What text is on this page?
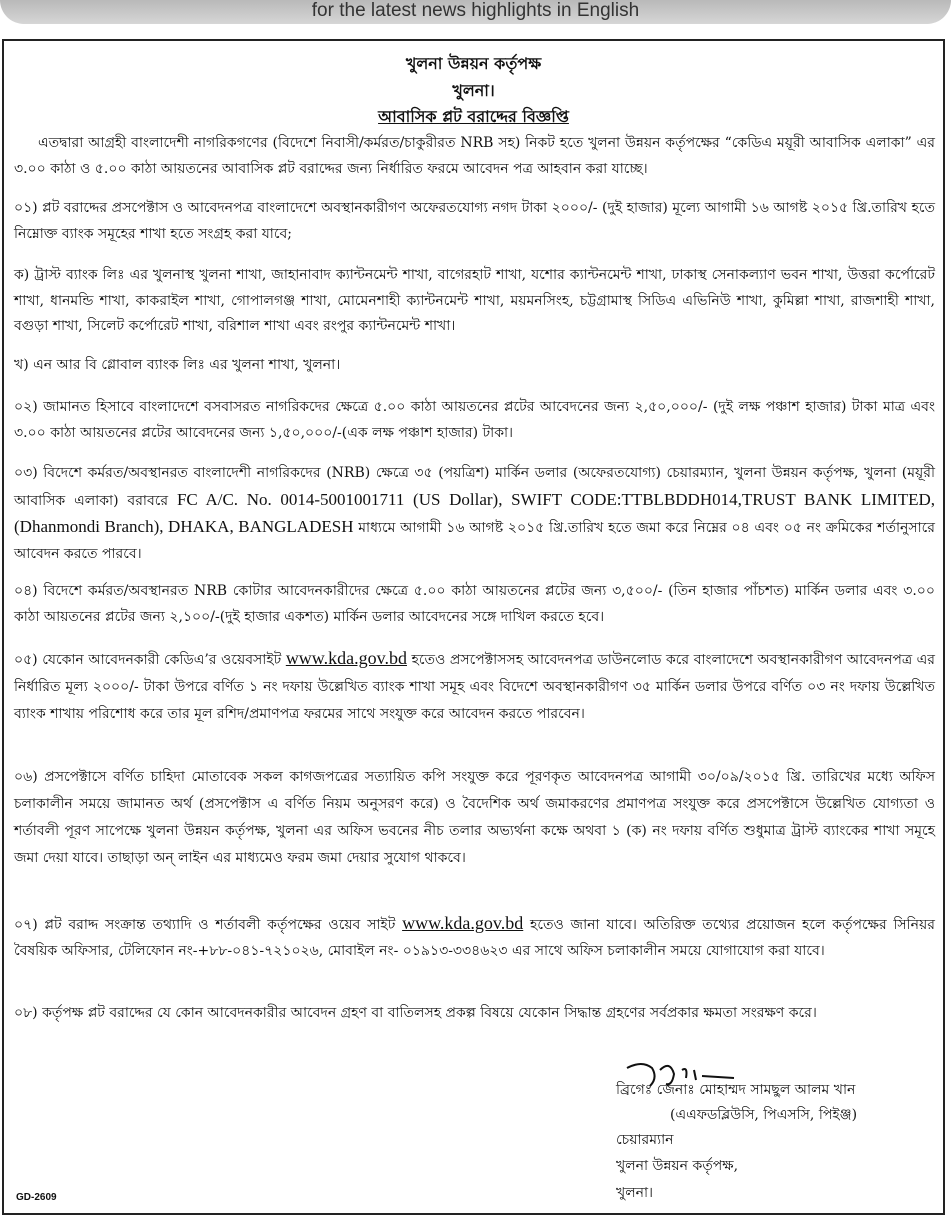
for the latest news highlights in English
খুলনা উন্নয়ন কর্তৃপক্ষ
খুলনা।
আবাসিক প্লট বরাদ্দের বিজ্ঞপ্তি

এতদ্বারা আগ্রহী বাংলাদেশী নাগরিকগণের (বিদেশে নিবাসী/কর্মরত/চাকুরীরত NRB সহ) নিকট হতে খুলনা উন্নয়ন কর্তৃপক্ষের “কেডিএ ময়ূরী আবাসিক এলাকা” এর ৩.০০ কাঠা ও ৫.০০ কাঠা আয়তনের আবাসিক প্লট বরাদ্দের জন্য নির্ধারিত ফরমে আবেদন পত্র আহবান করা যাচ্ছে।

০১) প্লট বরাদ্দের প্রসপেক্টাস ও আবেদনপত্র বাংলাদেশে অবস্থানকারীগণ অফেরতযোগ্য নগদ টাকা ২০০০/- (দুই হাজার) মূল্যে আগামী ১৬ আগষ্ট ২০১৫ খ্রি.তারিখ হতে নিম্নোক্ত ব্যাংক সমূহের শাখা হতে সংগ্রহ করা যাবে;

ক) ট্রাস্ট ব্যাংক লিঃ এর খুলনাস্থ খুলনা শাখা, জাহানাবাদ ক্যান্টনমেন্ট শাখা, বাগেরহাট শাখা, যশোর ক্যান্টনমেন্ট শাখা, ঢাকাস্থ সেনাকল্যাণ ভবন শাখা, উত্তরা কর্পোরেট শাখা, ধানমন্ডি শাখা, কাকরাইল শাখা, গোপালগঞ্জ শাখা, মোমেনশাহী ক্যান্টনমেন্ট শাখা, ময়মনসিংহ, চট্টগ্রামাস্থ সিডিএ এভিনিউ শাখা, কুমিল্লা শাখা, রাজশাহী শাখা, বগুড়া শাখা, সিলেট কর্পোরেট শাখা, বরিশাল শাখা এবং রংপুর ক্যান্টনমেন্ট শাখা।

খ) এন আর বি গ্লোবাল ব্যাংক লিঃ এর খুলনা শাখা, খুলনা।

০২) জামানত হিসাবে বাংলাদেশে বসবাসরত নাগরিকদের ক্ষেত্রে ৫.০০ কাঠা আয়তনের প্লটের আবেদনের জন্য ২,৫০,০০০/- (দুই লক্ষ পঞ্চাশ হাজার) টাকা মাত্র এবং ৩.০০ কাঠা আয়তনের প্লটের আবেদনের জন্য ১,৫০,০০০/-(এক লক্ষ পঞ্চাশ হাজার) টাকা।

০৩) বিদেশে কর্মরত/অবস্থানরত বাংলাদেশী নাগরিকদের (NRB) ক্ষেত্রে ৩৫ (পয়ত্রিশ) মার্কিন ডলার (অফেরতযোগ্য) চেয়ারম্যান, খুলনা উন্নয়ন কর্তৃপক্ষ, খুলনা (ময়ূরী আবাসিক এলাকা) বরাবরে FC A/C. No. 0014-5001001711 (US Dollar), SWIFT CODE:TTBLBDDH014,TRUST BANK LIMITED, (Dhanmondi Branch), DHAKA, BANGLADESH মাধ্যমে আগামী ১৬ আগষ্ট ২০১৫ খ্রি.তারিখ হতে জমা করে নিম্নের ০৪ এবং ০৫ নং ক্রমিকের শর্তানুসারে আবেদন করতে পারবে।

০৪) বিদেশে কর্মরত/অবস্থানরত NRB কোটার আবেদনকারীদের ক্ষেত্রে ৫.০০ কাঠা আয়তনের প্লটের জন্য ৩,৫০০/- (তিন হাজার পাঁচশত) মার্কিন ডলার এবং ৩.০০ কাঠা আয়তনের প্লটের জন্য ২,১০০/-(দুই হাজার একশত) মার্কিন ডলার আবেদনের সঙ্গে দাখিল করতে হবে।

০৫) যেকোন আবেদনকারী কেডিএ’র ওয়েবসাইট www.kda.gov.bd হতেও প্রসপেক্টাসসহ আবেদনপত্র ডাউনলোড করে বাংলাদেশে অবস্থানকারীগণ আবেদনপত্র এর নির্ধারিত মূল্য ২০০০/- টাকা উপরে বর্ণিত ১ নং দফায় উল্লেখিত ব্যাংক শাখা সমূহ এবং বিদেশে অবস্থানকারীগণ ৩৫ মার্কিন ডলার উপরে বর্ণিত ০৩ নং দফায় উল্লেখিত ব্যাংক শাখায় পরিশোধ করে তার মূল রশিদ/প্রমাণপত্র ফরমের সাথে সংযুক্ত করে আবেদন করতে পারবেন।

০৬) প্রসপেক্টাসে বর্ণিত চাহিদা মোতাবেক সকল কাগজপত্রের সত্যায়িত কপি সংযুক্ত করে পূরণকৃত আবেদনপত্র আগামী ৩০/০৯/২০১৫ খ্রি. তারিখের মধ্যে অফিস চলাকালীন সময়ে জামানত অর্থ (প্রসপেক্টাস এ বর্ণিত নিয়ম অনুসরণ করে) ও বৈদেশিক অর্থ জমাকরণের প্রমাণপত্র সংযুক্ত করে প্রসপেক্টাসে উল্লেখিত যোগ্যতা ও শর্তাবলী পূরণ সাপেক্ষে খুলনা উন্নয়ন কর্তৃপক্ষ, খুলনা এর অফিস ভবনের নীচ তলার অভ্যর্থনা কক্ষে অথবা ১ (ক) নং দফায় বর্ণিত শুধুমাত্র ট্রাস্ট ব্যাংকের শাখা সমূহে জমা দেয়া যাবে। তাছাড়া অন্ লাইন এর মাধ্যমেও ফরম জমা দেয়ার সুযোগ থাকবে।

০৭) প্লট বরাদ্দ সংক্রান্ত তথ্যাদি ও শর্তাবলী কর্তৃপক্ষের ওয়েব সাইট www.kda.gov.bd হতেও জানা যাবে। অতিরিক্ত তথ্যের প্রয়োজন হলে কর্তৃপক্ষের সিনিয়র বৈষয়িক অফিসার, টেলিফোন নং-+৮৮-০৪১-৭২১০২৬, মোবাইল নং- ০১৯১৩-৩৩৪৬২৩ এর সাথে অফিস চলাকালীন সময়ে যোগাযোগ করা যাবে।

০৮) কর্তৃপক্ষ প্লট বরাদ্দের যে কোন আবেদনকারীর আবেদন গ্রহণ বা বাতিলসহ প্রকল্প বিষয়ে যেকোন সিদ্ধান্ত গ্রহণের সর্বপ্রকার ক্ষমতা সংরক্ষণ করে।

ব্রিগেঃ জেনাঃ মোহাম্মদ সামছুল আলম খান
(এএফডব্লিউসি, পিএসসি, পিইঞ্জ)
চেয়ারম্যান
খুলনা উন্নয়ন কর্তৃপক্ষ,
খুলনা।
GD-2609
